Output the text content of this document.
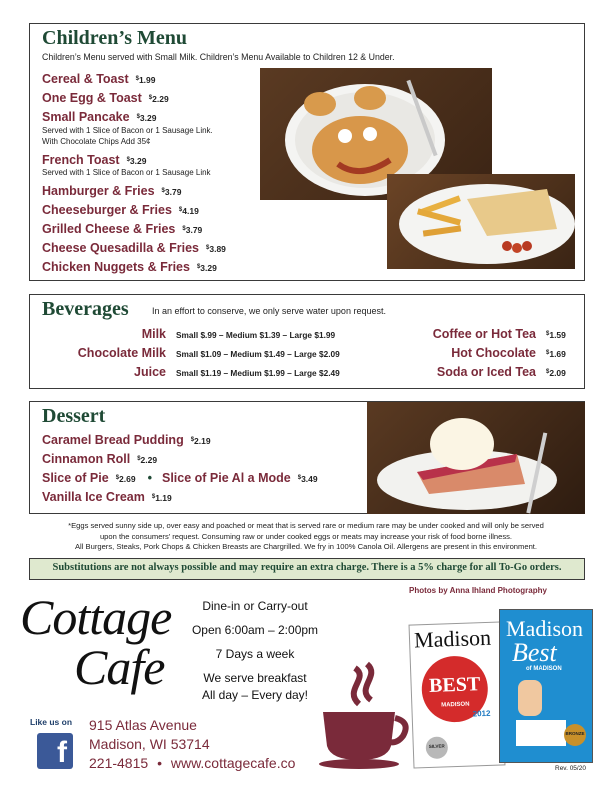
Children’s Menu
Children’s Menu served with Small Milk. Children’s Menu Available to Children 12 & Under.
Cereal & Toast $1.99
One Egg & Toast $2.29
Small Pancake $3.29
Served with 1 Slice of Bacon or 1 Sausage Link.
With Chocolate Chips Add 35¢
French Toast $3.29
Served with 1 Slice of Bacon or 1 Sausage Link
Hamburger & Fries $3.79
Cheeseburger & Fries $4.19
Grilled Cheese & Fries $3.79
Cheese Quesadilla & Fries $3.89
Chicken Nuggets & Fries $3.29
Beverages	In an effort to conserve, we only serve water upon request.
Milk Small $.99 – Medium $1.39 – Large $1.99
Chocolate Milk Small $1.09 – Medium $1.49 – Large $2.09
Juice Small $1.19 – Medium $1.99 – Large $2.49
Coffee or Hot Tea $1.59
Hot Chocolate $1.69
Soda or Iced Tea $2.09
Dessert
Caramel Bread Pudding $2.19
Cinnamon Roll $2.29
Slice of Pie $2.69 • Slice of Pie Al a Mode $3.49
Vanilla Ice Cream $1.19
*Eggs served sunny side up, over easy and poached or meat that is served rare or medium rare may be under cooked and will only be served
upon the consumers’ request. Consuming raw or under cooked eggs or meats may increase your risk of food borne illness.
All Burgers, Steaks, Pork Chops & Chicken Breasts are Chargrilled. We fry in 100% Canola Oil. Allergens are present in this environment.
Substitutions are not always possible and may require an extra charge. There is a 5% charge for all To-Go orders.
Photos by Anna Ihland Photography
Cottage
Cafe
Dine-in or Carry-out
Open 6:00am – 2:00pm
7 Days a week
We serve breakfast
All day – Every day!
Like us on
f
915 Atlas Avenue
Madison, WI 53714
221-4815 • www.cottagecafe.co
Madison
BEST
MADISON
2012
SILVER
Madison
Best
of MADISON
BRONZE
Rev. 05/20
